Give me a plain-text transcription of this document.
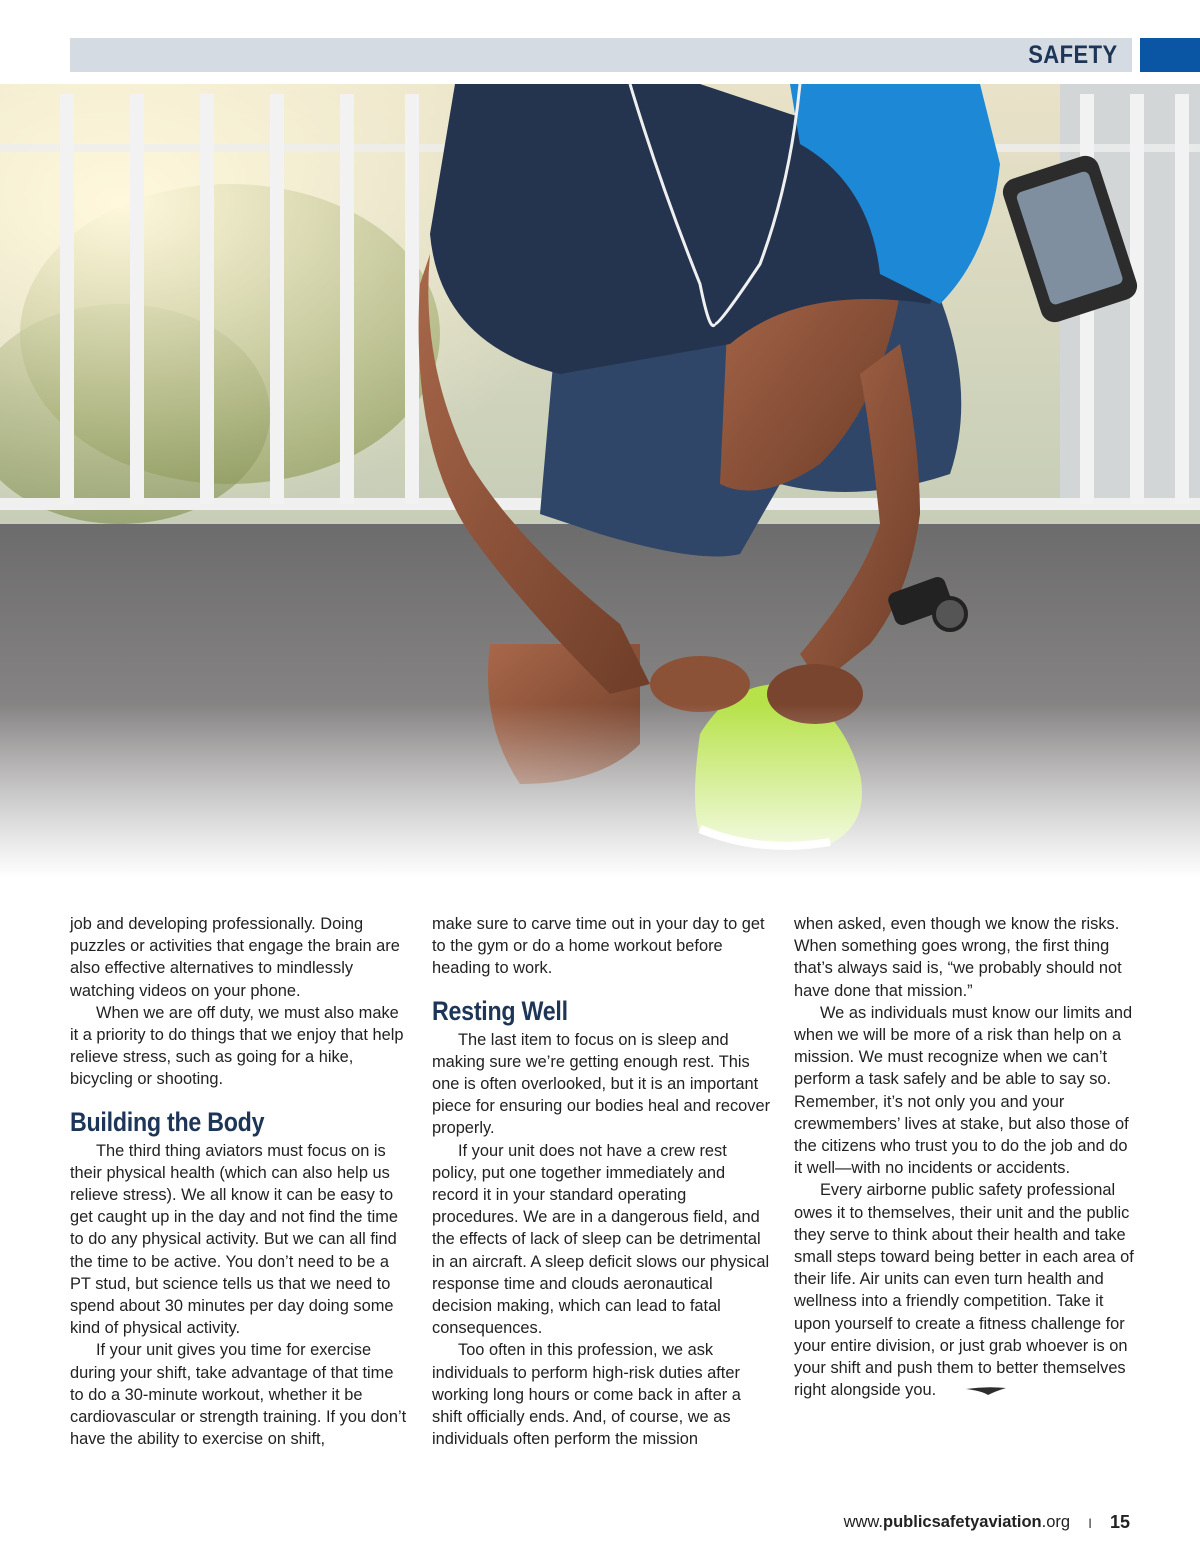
SAFETY

job and developing professionally. Doing puzzles or activities that engage the brain are also effective alternatives to mindlessly watching videos on your phone.

When we are off duty, we must also make it a priority to do things that we enjoy that help relieve stress, such as going for a hike, bicycling or shooting.

Building the Body

The third thing aviators must focus on is their physical health (which can also help us relieve stress). We all know it can be easy to get caught up in the day and not find the time to do any physical activity. But we can all find the time to be active. You don’t need to be a PT stud, but science tells us that we need to spend about 30 minutes per day doing some kind of physical activity.

If your unit gives you time for exercise during your shift, take advantage of that time to do a 30-minute workout, whether it be cardiovascular or strength training. If you don’t have the ability to exercise on shift,

make sure to carve time out in your day to get to the gym or do a home workout before heading to work.

Resting Well

The last item to focus on is sleep and making sure we’re getting enough rest. This one is often overlooked, but it is an important piece for ensuring our bodies heal and recover properly.

If your unit does not have a crew rest policy, put one together immediately and record it in your standard operating procedures. We are in a dangerous field, and the effects of lack of sleep can be detrimental in an aircraft. A sleep deficit slows our physical response time and clouds aeronautical decision making, which can lead to fatal consequences.

Too often in this profession, we ask individuals to perform high-risk duties after working long hours or come back in after a shift officially ends. And, of course, we as individuals often perform the mission

when asked, even though we know the risks. When something goes wrong, the first thing that’s always said is, “we probably should not have done that mission.”

We as individuals must know our limits and when we will be more of a risk than help on a mission. We must recognize when we can’t perform a task safely and be able to say so. Remember, it’s not only you and your crewmembers’ lives at stake, but also those of the citizens who trust you to do the job and do it well—with no incidents or accidents.

Every airborne public safety professional owes it to themselves, their unit and the public they serve to think about their health and take small steps toward being better in each area of their life. Air units can even turn health and wellness into a friendly competition. Take it upon yourself to create a fitness challenge for your entire division, or just grab whoever is on your shift and push them to better themselves right alongside you.

www.publicsafetyaviation.org I 15
